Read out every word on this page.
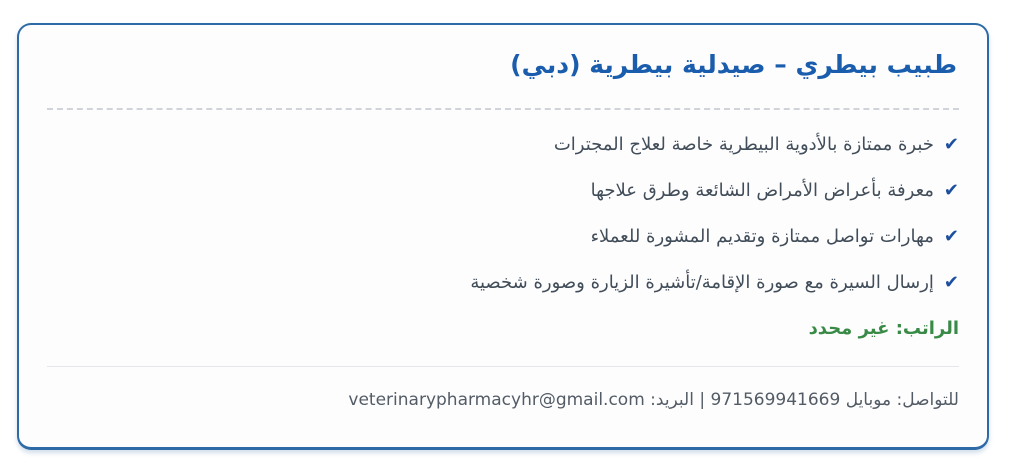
طبيب بيطري – صيدلية بيطرية (دبي)
✔
خبرة ممتازة بالأدوية البيطرية خاصة لعلاج المجترات
✔
معرفة بأعراض الأمراض الشائعة وطرق علاجها
✔
مهارات تواصل ممتازة وتقديم المشورة للعملاء
✔
إرسال السيرة مع صورة الإقامة/تأشيرة الزيارة وصورة شخصية
الراتب: غير محدد
للتواصل: موبايل 971569941669 | البريد: veterinarypharmacyhr@gmail.com
